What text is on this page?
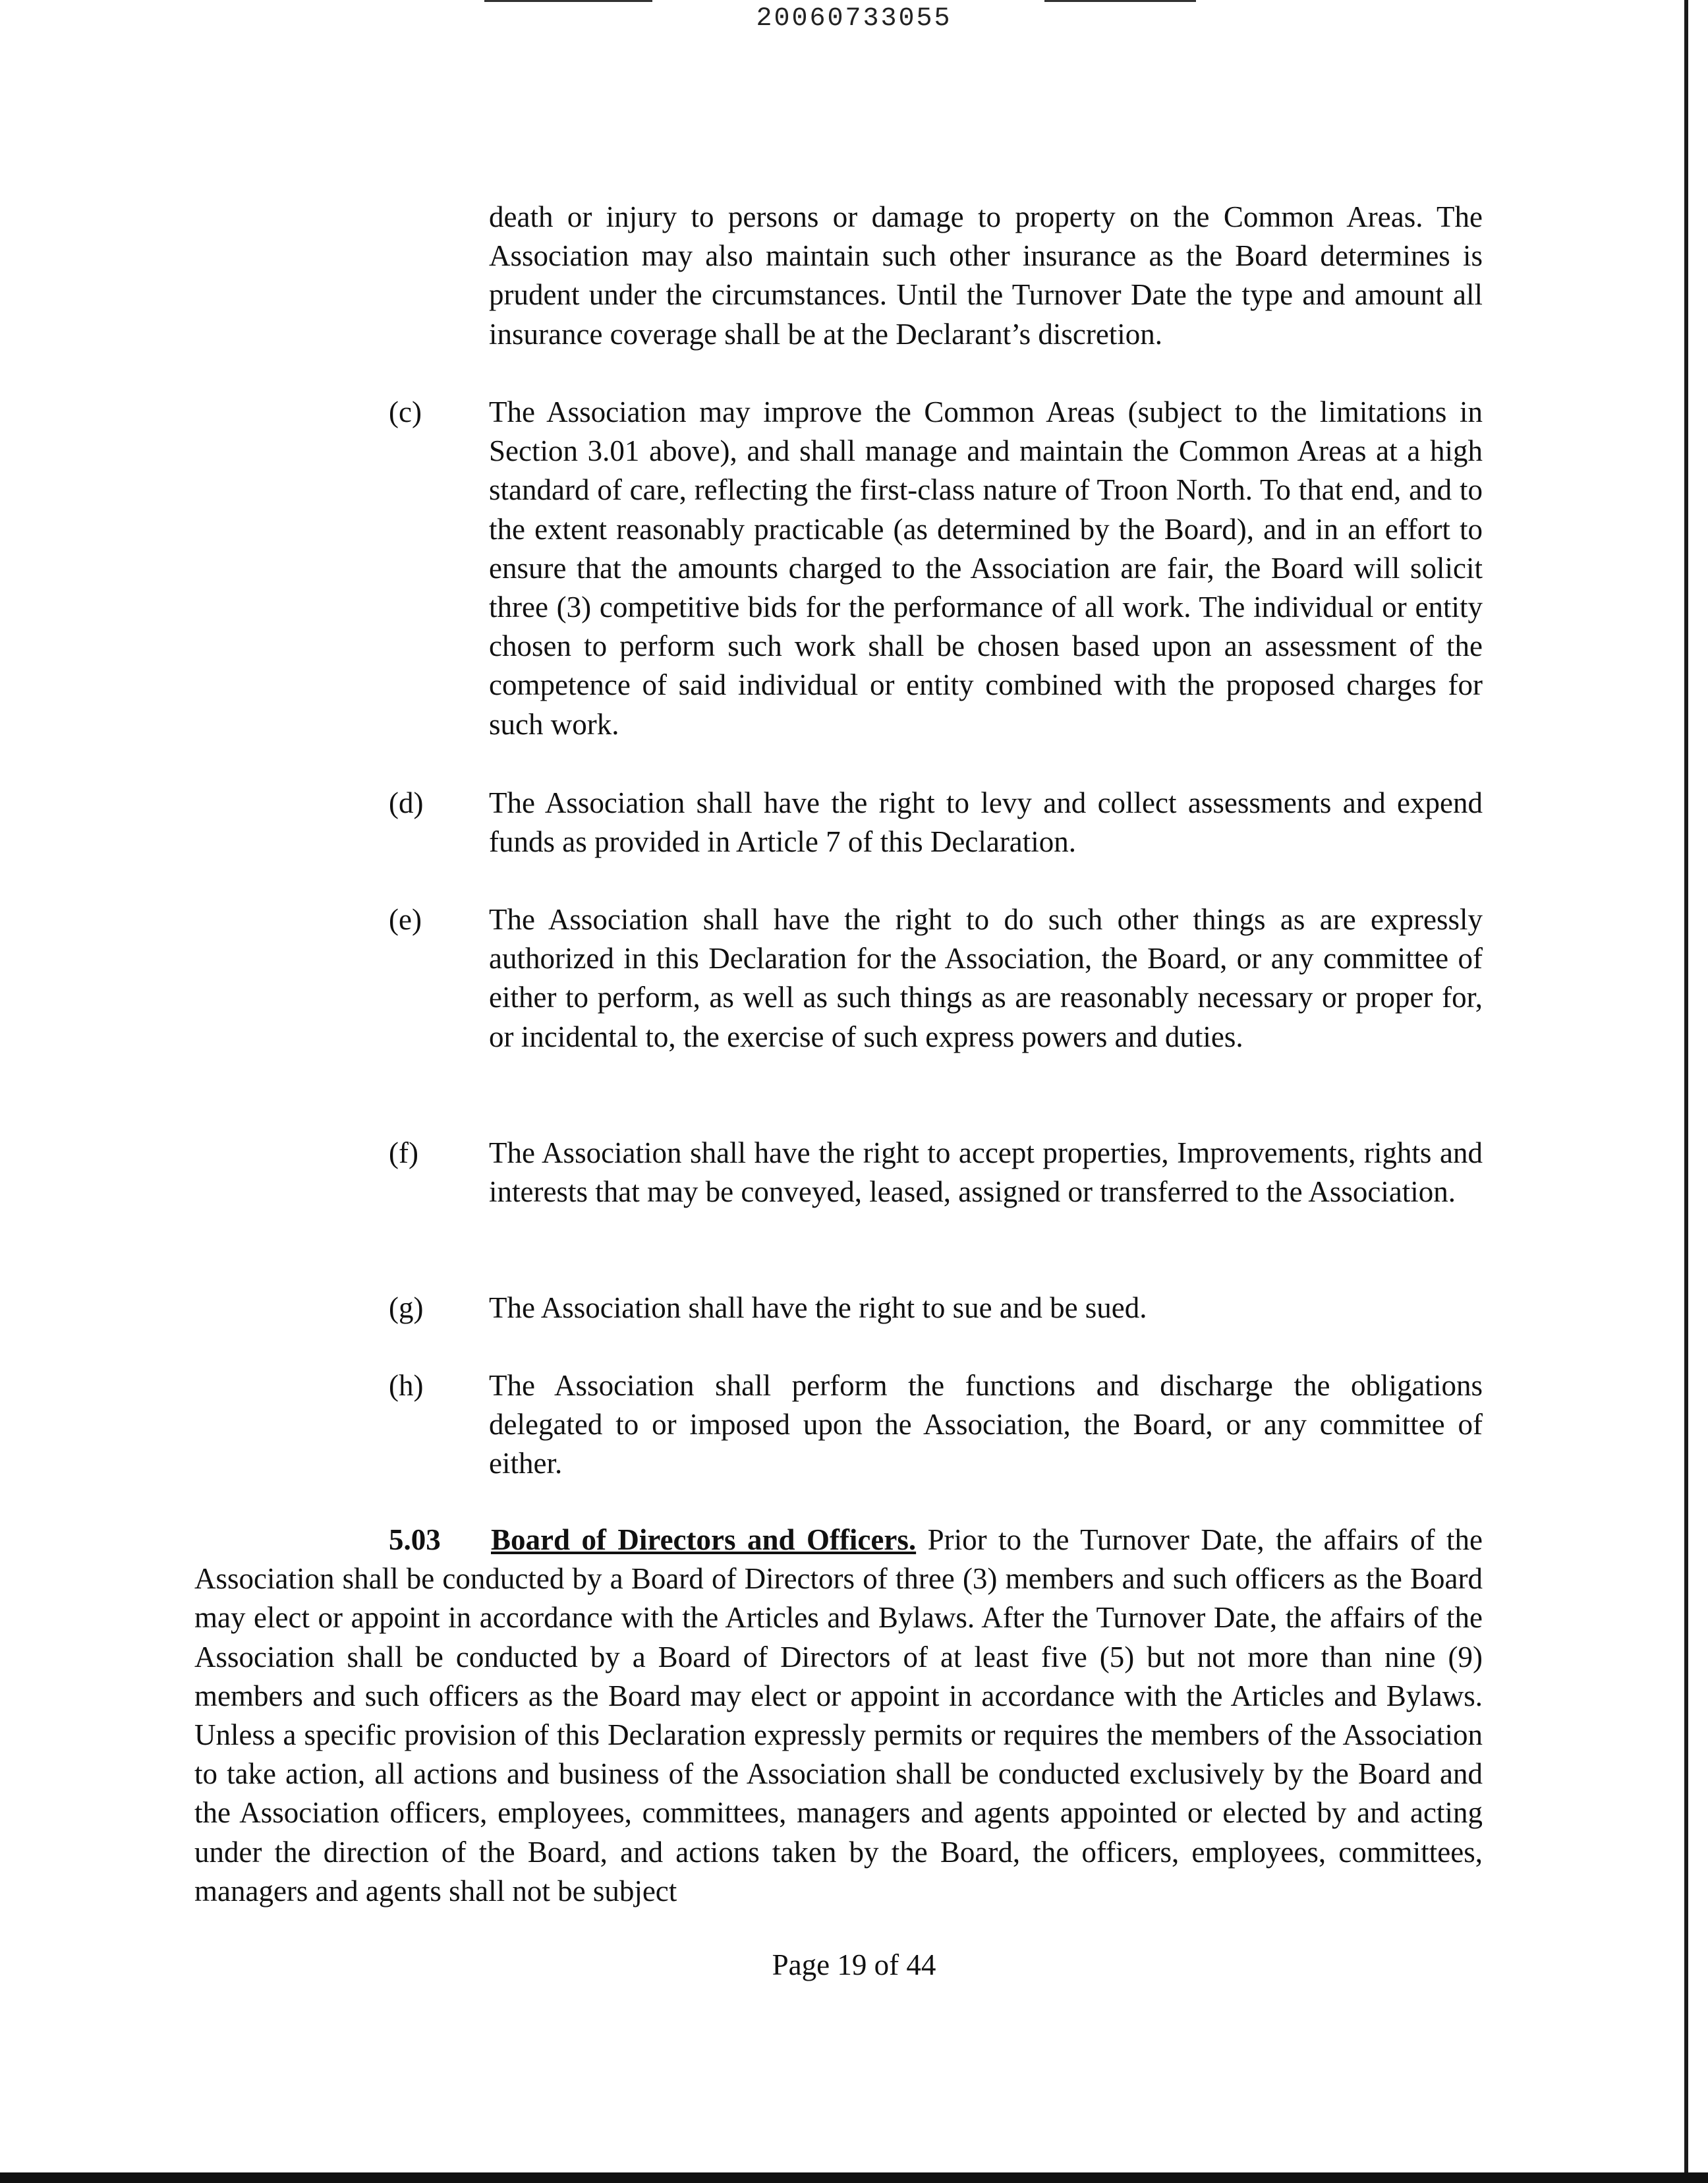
20060733055

death or injury to persons or damage to property on the Common Areas. The Association may also maintain such other insurance as the Board determines is prudent under the circumstances. Until the Turnover Date the type and amount all insurance coverage shall be at the Declarant’s discretion.

(c)	The Association may improve the Common Areas (subject to the limitations in Section 3.01 above), and shall manage and maintain the Common Areas at a high standard of care, reflecting the first-class nature of Troon North. To that end, and to the extent reasonably practicable (as determined by the Board), and in an effort to ensure that the amounts charged to the Association are fair, the Board will solicit three (3) competitive bids for the performance of all work. The individual or entity chosen to perform such work shall be chosen based upon an assessment of the competence of said individual or entity combined with the proposed charges for such work.

(d)	The Association shall have the right to levy and collect assessments and expend funds as provided in Article 7 of this Declaration.

(e)	The Association shall have the right to do such other things as are expressly authorized in this Declaration for the Association, the Board, or any committee of either to perform, as well as such things as are reasonably necessary or proper for, or incidental to, the exercise of such express powers and duties.

(f)	The Association shall have the right to accept properties, Improvements, rights and interests that may be conveyed, leased, assigned or transferred to the Association.

(g)	The Association shall have the right to sue and be sued.

(h)	The Association shall perform the functions and discharge the obligations delegated to or imposed upon the Association, the Board, or any committee of either.

5.03 Board of Directors and Officers. Prior to the Turnover Date, the affairs of the Association shall be conducted by a Board of Directors of three (3) members and such officers as the Board may elect or appoint in accordance with the Articles and Bylaws. After the Turnover Date, the affairs of the Association shall be conducted by a Board of Directors of at least five (5) but not more than nine (9) members and such officers as the Board may elect or appoint in accordance with the Articles and Bylaws. Unless a specific provision of this Declaration expressly permits or requires the members of the Association to take action, all actions and business of the Association shall be conducted exclusively by the Board and the Association officers, employees, committees, managers and agents appointed or elected by and acting under the direction of the Board, and actions taken by the Board, the officers, employees, committees, managers and agents shall not be subject

Page 19 of 44
